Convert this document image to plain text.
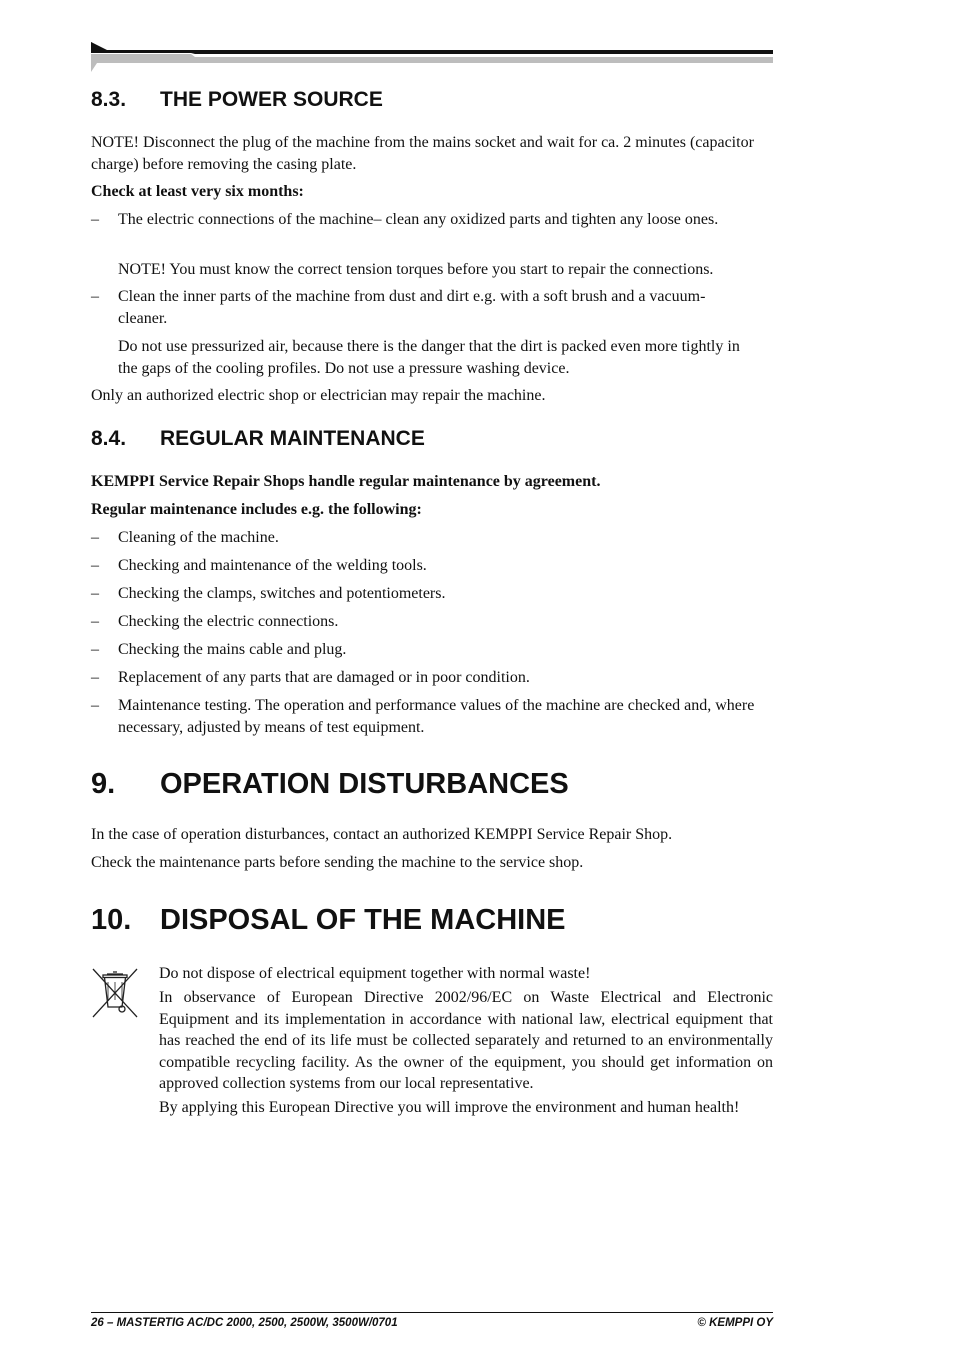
8.3. THE POWER SOURCE
NOTE! Disconnect the plug of the machine from the mains socket and wait for ca. 2 minutes (capacitor charge) before removing the casing plate.
Check at least very six months:
– The electric connections of the machine– clean any oxidized parts and tighten any loose ones.
NOTE! You must know the correct tension torques before you start to repair the connections.
– Clean the inner parts of the machine from dust and dirt e.g. with a soft brush and a vacuum-cleaner.
Do not use pressurized air, because there is the danger that the dirt is packed even more tightly in the gaps of the cooling profiles. Do not use a pressure washing device.
Only an authorized electric shop or electrician may repair the machine.
8.4. REGULAR MAINTENANCE
KEMPPI Service Repair Shops handle regular maintenance by agreement.
Regular maintenance includes e.g. the following:
– Cleaning of the machine.
– Checking and maintenance of the welding tools.
– Checking the clamps, switches and potentiometers.
– Checking the electric connections.
– Checking the mains cable and plug.
– Replacement of any parts that are damaged or in poor condition.
– Maintenance testing. The operation and performance values of the machine are checked and, where necessary, adjusted by means of test equipment.
9. OPERATION DISTURBANCES
In the case of operation disturbances, contact an authorized KEMPPI Service Repair Shop.
Check the maintenance parts before sending the machine to the service shop.
10. DISPOSAL OF THE MACHINE
Do not dispose of electrical equipment together with normal waste!
In observance of European Directive 2002/96/EC on Waste Electrical and Electronic Equipment and its implementation in accordance with national law, electrical equipment that has reached the end of its life must be collected separately and returned to an environmentally compatible recycling facility. As the owner of the equipment, you should get information on approved collection systems from our local representative.
By applying this European Directive you will improve the environment and human health!
26 – MASTERTIG AC/DC 2000, 2500, 2500W, 3500W/0701	© KEMPPI OY
